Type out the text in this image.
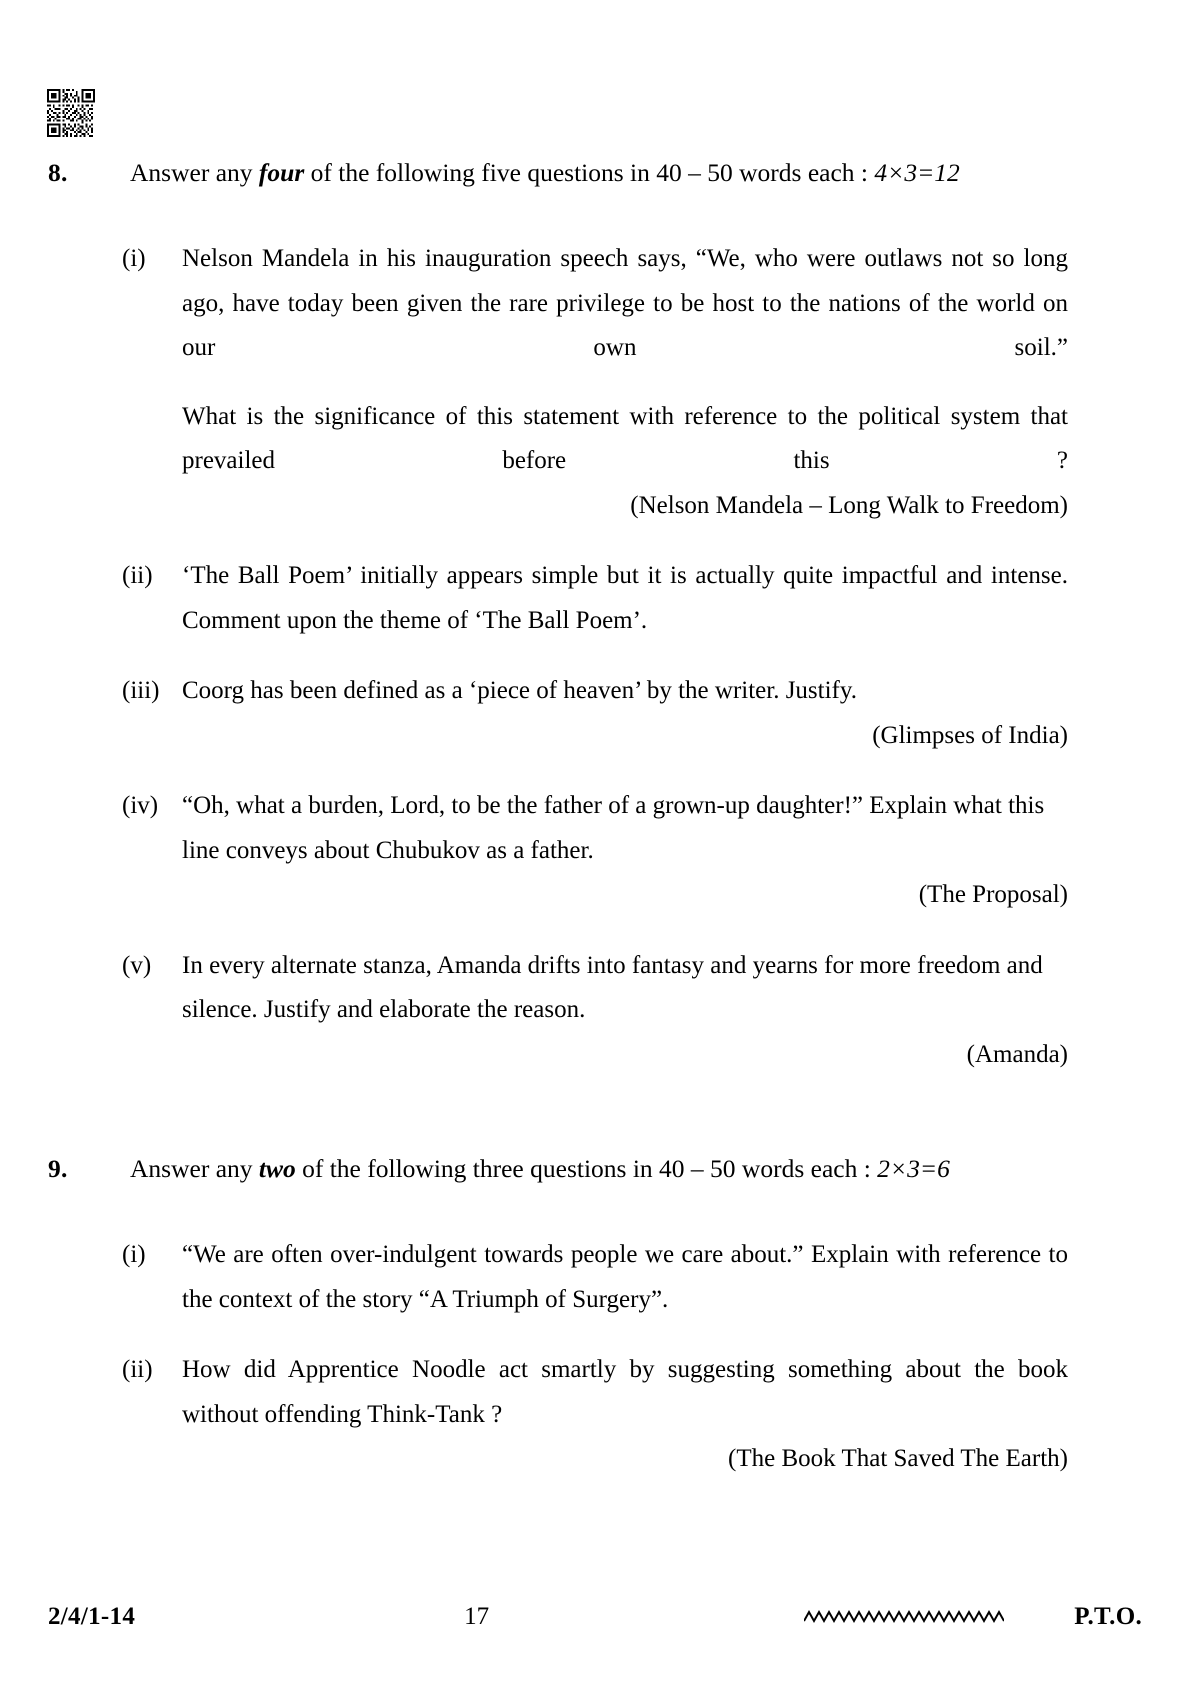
8.	Answer any four of the following five questions in 40 – 50 words each : 4×3=12
(i)	Nelson Mandela in his inauguration speech says, “We, who were outlaws not so long ago, have today been given the rare privilege to be host to the nations of the world on our own soil.”
What is the significance of this statement with reference to the political system that prevailed before this ?
(Nelson Mandela – Long Walk to Freedom)
(ii)	‘The Ball Poem’ initially appears simple but it is actually quite impactful and intense. Comment upon the theme of ‘The Ball Poem’.
(iii) Coorg has been defined as a ‘piece of heaven’ by the writer. Justify.
(Glimpses of India)
(iv) “Oh, what a burden, Lord, to be the father of a grown-up daughter!” Explain what this line conveys about Chubukov as a father.
(The Proposal)
(v)	In every alternate stanza, Amanda drifts into fantasy and yearns for more freedom and silence. Justify and elaborate the reason.
(Amanda)
9.	Answer any two of the following three questions in 40 – 50 words each : 2×3=6
(i)	“We are often over-indulgent towards people we care about.” Explain with reference to the context of the story “A Triumph of Surgery”.
(ii)	How did Apprentice Noodle act smartly by suggesting something about the book without offending Think-Tank ?
(The Book That Saved The Earth)
2/4/1-14	17	P.T.O.
